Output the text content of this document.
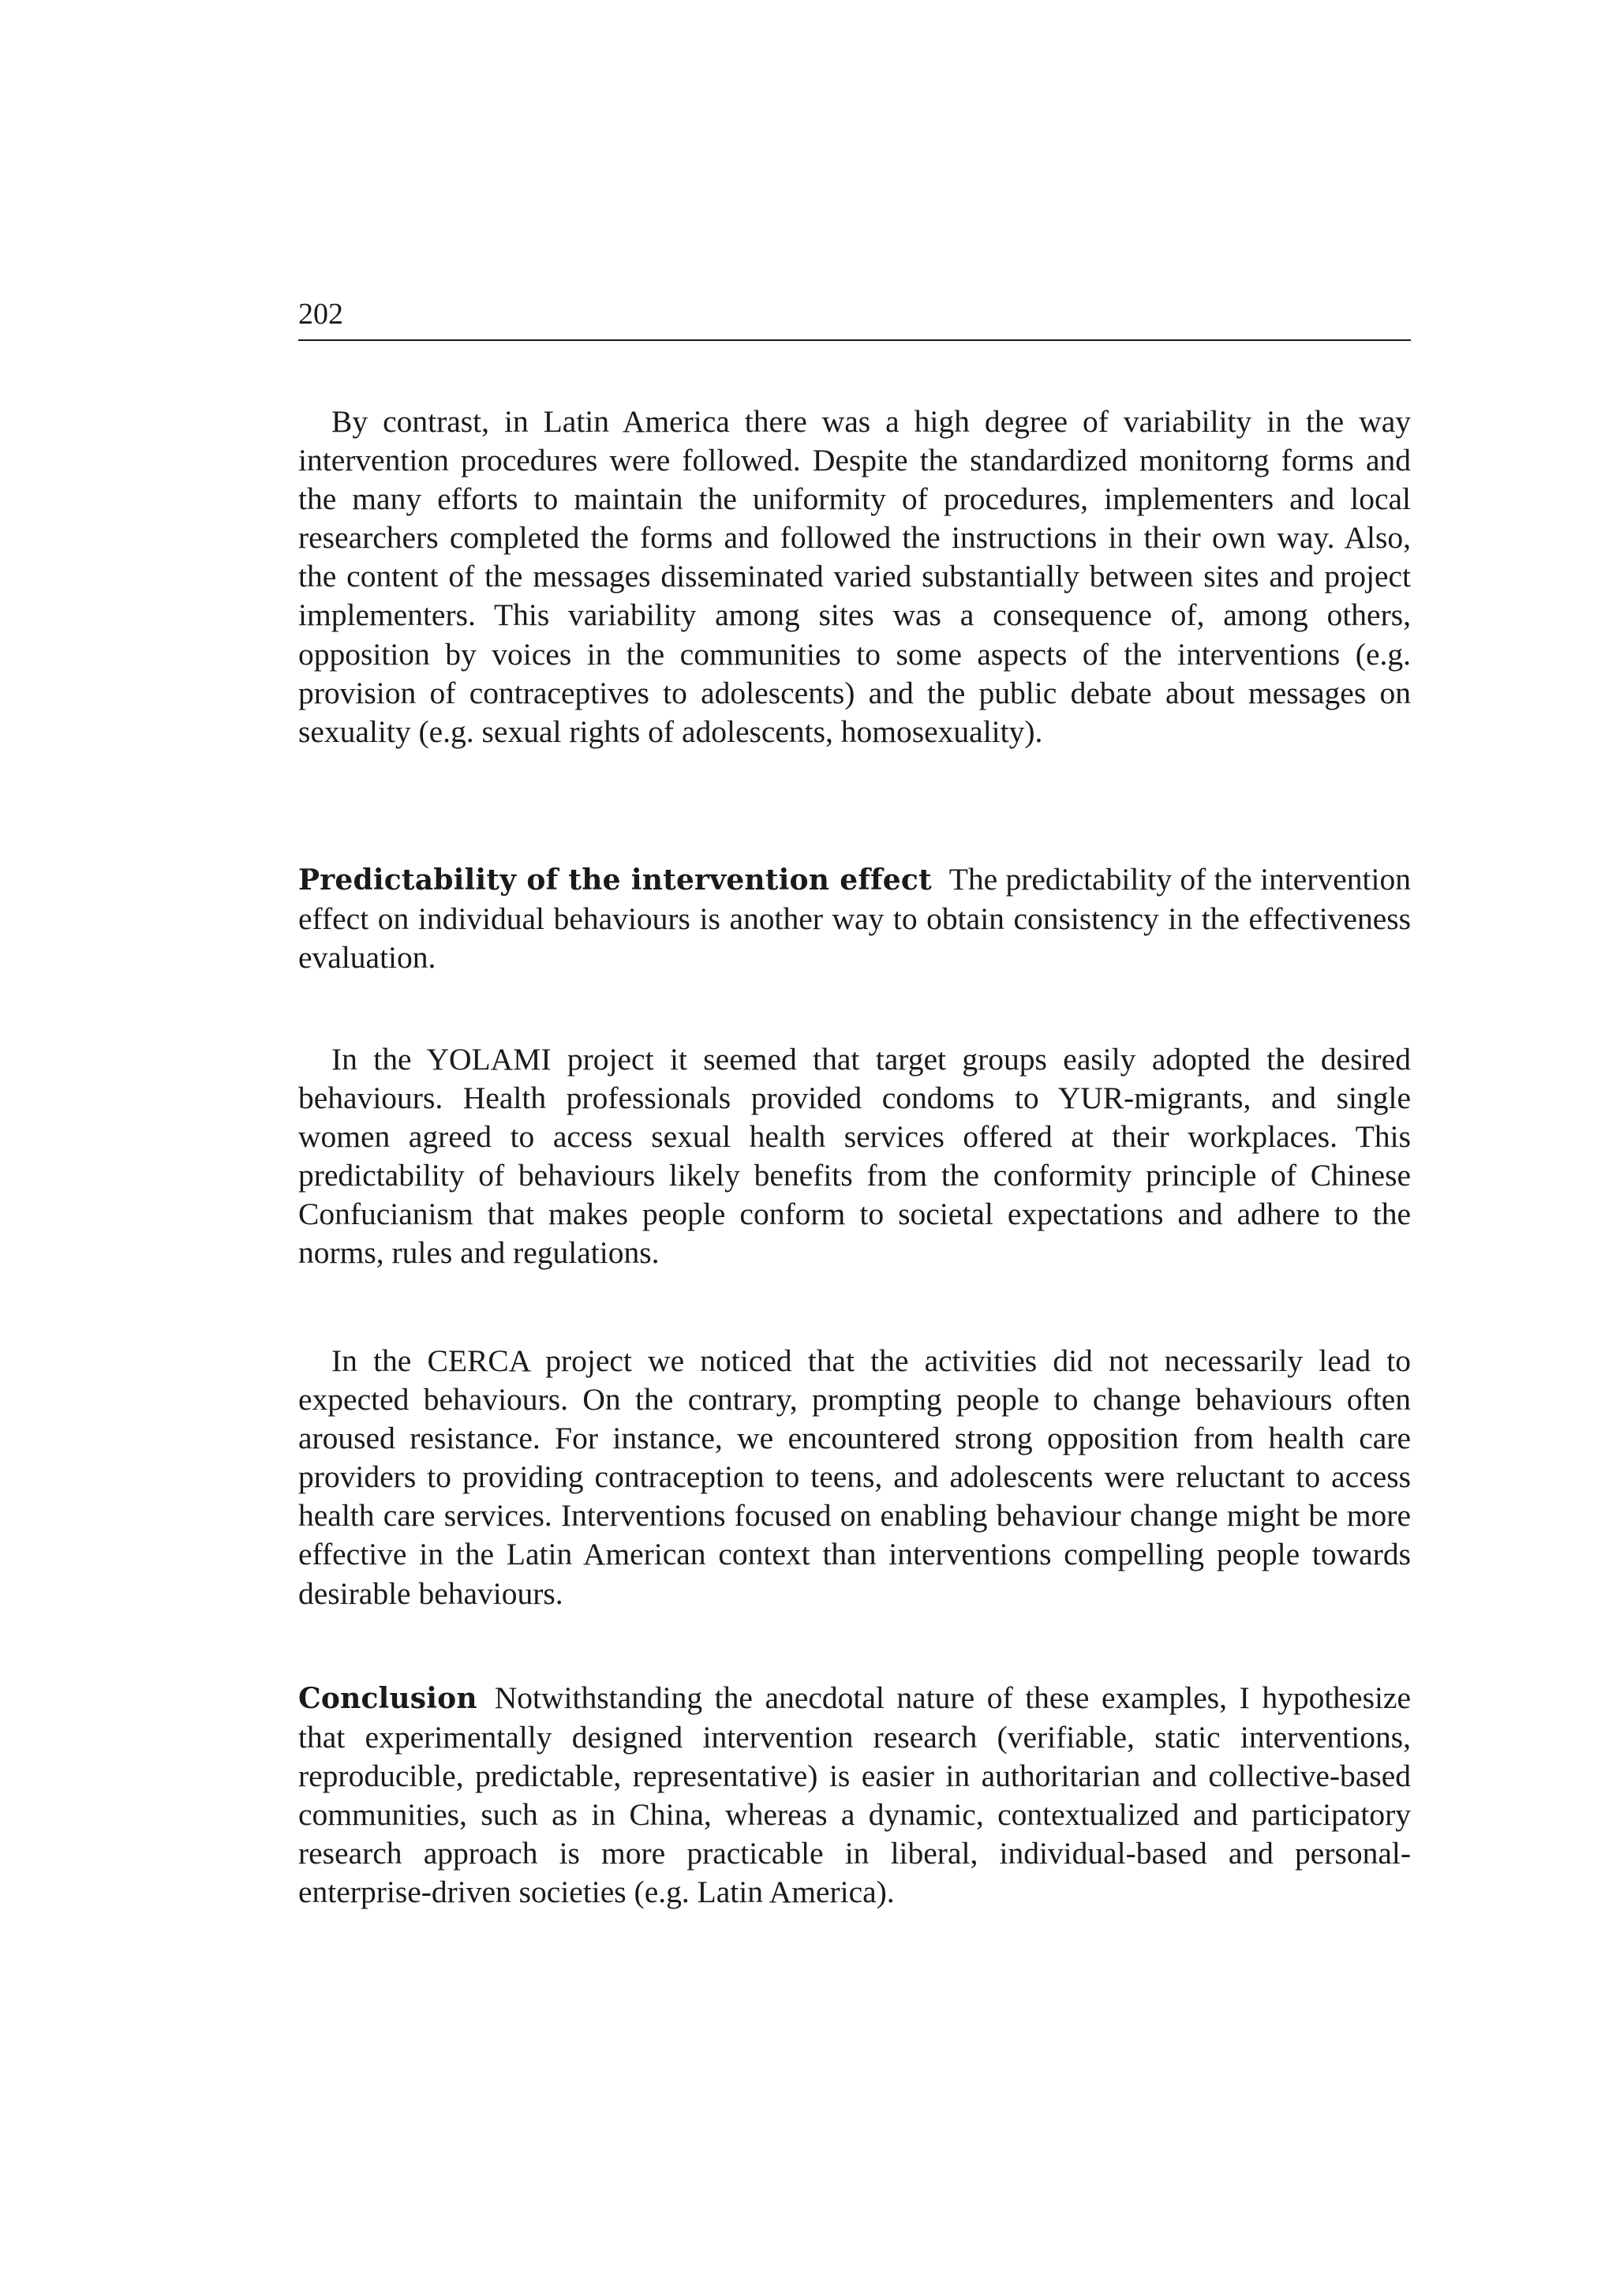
202

By contrast, in Latin America there was a high degree of variability in the way intervention procedures were followed. Despite the standardized monitorng forms and the many efforts to maintain the uniformity of procedures, implementers and local researchers completed the forms and followed the instructions in their own way. Also, the content of the messages disseminated varied substantially between sites and project implementers. This variability among sites was a consequence of, among others, opposition by voices in the communities to some aspects of the interventions (e.g. provision of contraceptives to adolescents) and the public debate about messages on sexuality (e.g. sexual rights of adolescents, homosexuality).

Predictability of the intervention effect The predictability of the intervention effect on individual behaviours is another way to obtain consistency in the effectiveness evaluation.

In the YOLAMI project it seemed that target groups easily adopted the desired behaviours. Health professionals provided condoms to YUR-migrants, and single women agreed to access sexual health services offered at their workplaces. This predictability of behaviours likely benefits from the conformity principle of Chinese Confucianism that makes people conform to societal expectations and adhere to the norms, rules and regulations.

In the CERCA project we noticed that the activities did not necessarily lead to expected behaviours. On the contrary, prompting people to change behaviours often aroused resistance. For instance, we encountered strong opposition from health care providers to providing contraception to teens, and adolescents were reluctant to access health care services. Interventions focused on enabling behaviour change might be more effective in the Latin American context than interventions compelling people towards desirable behaviours.

Conclusion Notwithstanding the anecdotal nature of these examples, I hypothesize that experimentally designed intervention research (verifiable, static interventions, reproducible, predictable, representative) is easier in authoritarian and collective-based communities, such as in China, whereas a dynamic, contextualized and participatory research approach is more practicable in liberal, individual-based and personal-enterprise-driven societies (e.g. Latin America).
